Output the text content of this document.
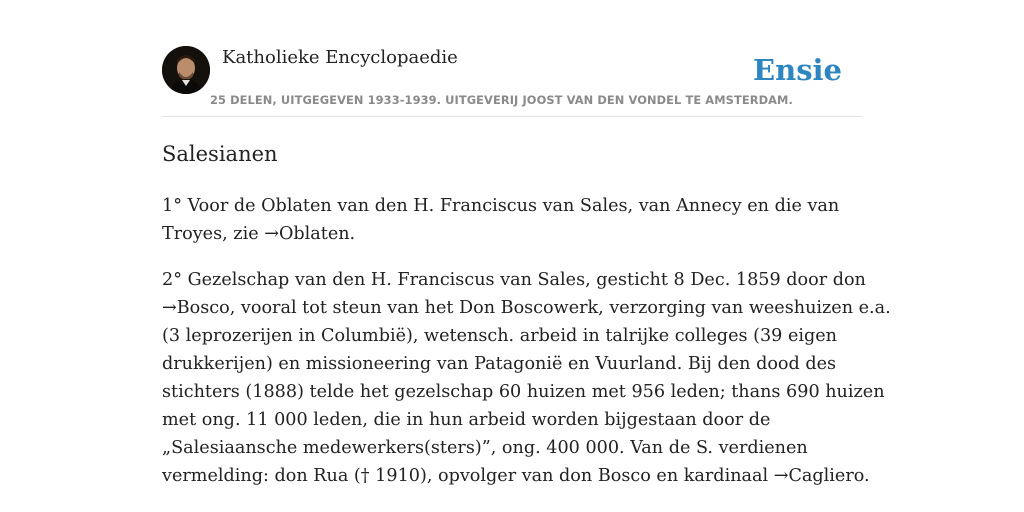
Katholieke Encyclopaedie	Ensie
25 DELEN, UITGEGEVEN 1933-1939. UITGEVERIJ JOOST VAN DEN VONDEL TE AMSTERDAM.
Salesianen

1° Voor de Oblaten van den H. Franciscus van Sales, van Annecy en die van
Troyes, zie →Oblaten.

2° Gezelschap van den H. Franciscus van Sales, gesticht 8 Dec. 1859 door don
→Bosco, vooral tot steun van het Don Boscowerk, verzorging van weeshuizen e.a.
(3 leprozerijen in Columbië), wetensch. arbeid in talrijke colleges (39 eigen
drukkerijen) en missioneering van Patagonië en Vuurland. Bij den dood des
stichters (1888) telde het gezelschap 60 huizen met 956 leden; thans 690 huizen
met ong. 11 000 leden, die in hun arbeid worden bijgestaan door de
„Salesiaansche medewerkers(sters)”, ong. 400 000. Van de S. verdienen
vermelding: don Rua († 1910), opvolger van don Bosco en kardinaal →Cagliero.
